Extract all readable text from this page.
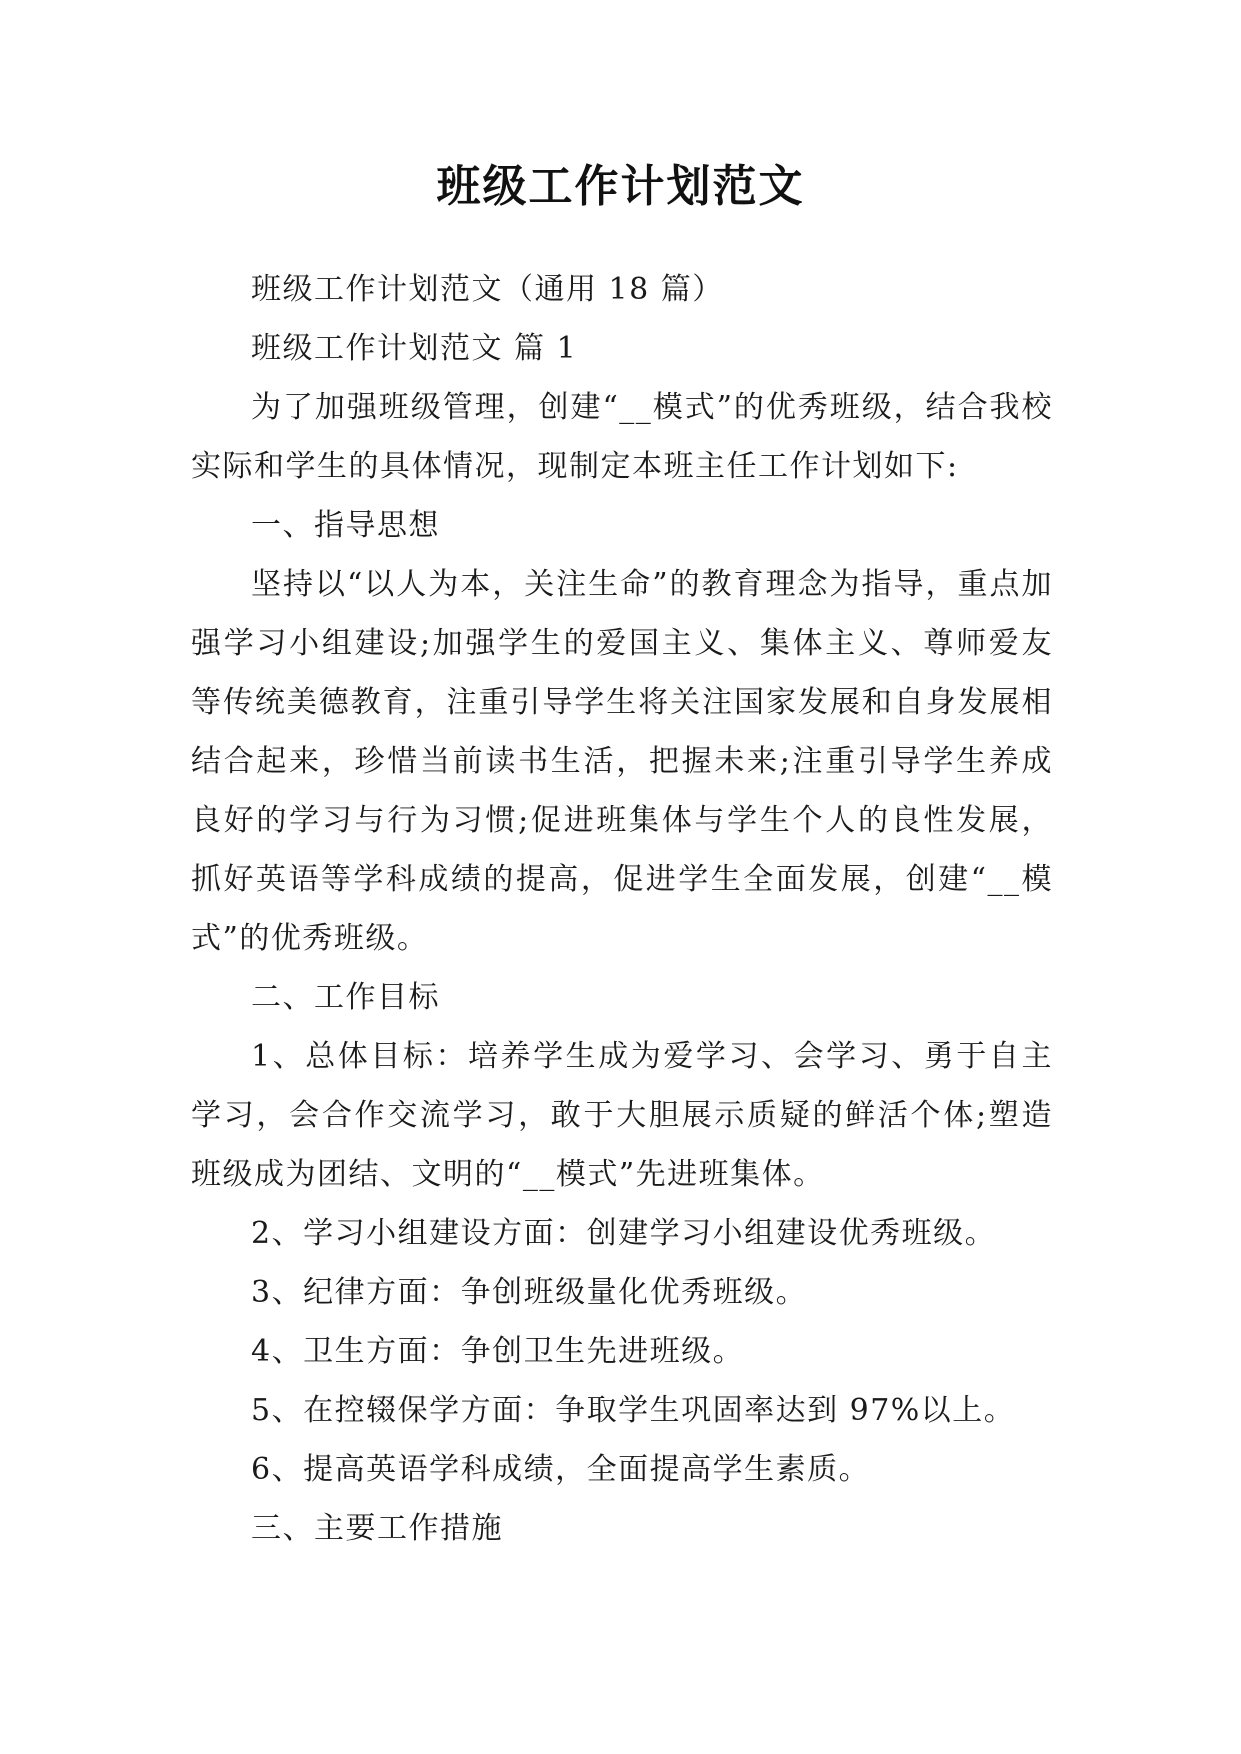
班级工作计划范文

班级工作计划范文（通用 18 篇）

班级工作计划范文 篇 1

为了加强班级管理，创建“__模式”的优秀班级，结合我校实际和学生的具体情况，现制定本班主任工作计划如下:

一、指导思想

坚持以“以人为本，关注生命”的教育理念为指导，重点加强学习小组建设;加强学生的爱国主义、集体主义、尊师爱友等传统美德教育，注重引导学生将关注国家发展和自身发展相结合起来，珍惜当前读书生活，把握未来;注重引导学生养成良好的学习与行为习惯;促进班集体与学生个人的良性发展，抓好英语等学科成绩的提高，促进学生全面发展，创建“__模式”的优秀班级。

二、工作目标

1、总体目标：培养学生成为爱学习、会学习、勇于自主学习，会合作交流学习，敢于大胆展示质疑的鲜活个体;塑造班级成为团结、文明的“__模式”先进班集体。

2、学习小组建设方面：创建学习小组建设优秀班级。

3、纪律方面：争创班级量化优秀班级。

4、卫生方面：争创卫生先进班级。

5、在控辍保学方面：争取学生巩固率达到 97%以上。

6、提高英语学科成绩，全面提高学生素质。

三、主要工作措施
